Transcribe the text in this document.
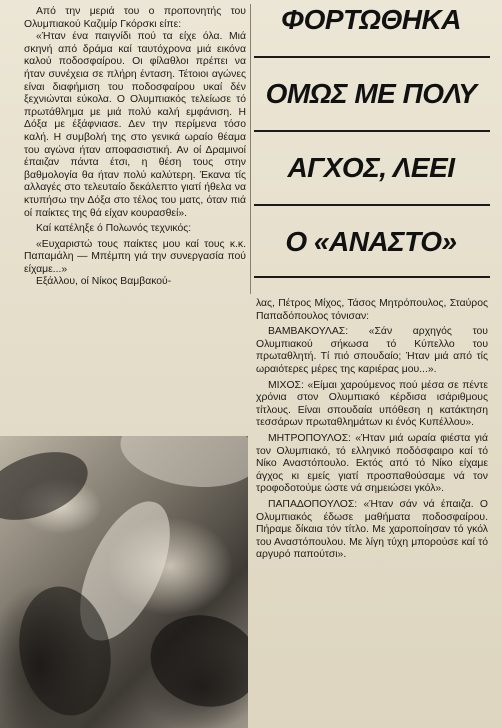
Από την μεριά του ο προπονητής του Ολυμπιακού Καζιμίρ Γκόρσκι είπε:

«Ήταν ένα παιγνίδι πού τα είχε όλα. Μιά σκηνή από δράμα καί ταυτόχρονα μιά εικόνα καλού ποδοσφαίρου. Οι φίλαθλοι πρέπει να ήταν συνέχεια σε πλήρη ένταση. Τέτοιοι αγώνες είναι διαφήμιση του ποδοσφαίρου υκαί δέν ξεχνιώνται εύκολα. Ο Ολυμπιακός τελείωσε τό πρωτάθλημα με μιά πολύ καλή εμφάνιση. Η Δόξα με έξάφνιασε. Δεν την περίμενα τόσο καλή. Η συμβολή της στο γενικά ωραίο θέαμα του αγώνα ήταν αποφασιστική. Αν οί Δραμινοί έπαιζαν πάντα έτσι, η θέση τους στην βαθμολογία θα ήταν πολύ καλύτερη. Έκανα τίς αλλαγές στο τελευταίο δεκάλεπτο γιατί ήθελα να κτυπήσω την Δόξα στο τέλος του ματς, όταν πιά οί παίκτες της θά είχαν κουρασθεί».

Καί κατέληξε ό Πολωνός τεχνικός:

«Ευχαριστώ τους παίκτες μου καί τους κ.κ. Παπαμάλη — Μπέμπη γιά την συνεργασία πού είχαμε...»

Εξάλλου, οί Νίκος Βαμβακού-

ΦΟΡΤΩΘΗΚΑ
ΟΜΩΣ ΜΕ ΠΟΛΥ
ΑΓΧΟΣ, ΛΕΕΙ
Ο «ΑΝΑΣΤΟ»

λας, Πέτρος Μίχος, Τάσος Μητρόπουλος, Σταύρος Παπαδόπουλος τόνισαν:

ΒΑΜΒΑΚΟΥΛΑΣ: «Σάν αρχηγός του Ολυμπιακού σήκωσα τό Κύπελλο του πρωταθλητή. Τί πιό σπουδαίο; Ήταν μιά από τίς ωραιότερες μέρες της καριέρας μου...».

ΜΙΧΟΣ: «Είμαι χαρούμενος πού μέσα σε πέντε χρόνια στον Ολυμπιακό κέρδισα ισάριθμους τίτλους. Είναι σπουδαία υπόθεση η κατάκτηση τεσσάρων πρωταθλημάτων κι ένός Κυπέλλου».

ΜΗΤΡΟΠΟΥΛΟΣ: «Ήταν μιά ωραία φιέστα γιά τον Ολυμπιακό, τό ελληνικό ποδόσφαιρο καί τό Νίκο Αναστόπουλο. Εκτός από τό Νίκο είχαμε άγχος κι εμείς γιατί προσπαθούσαμε νά τον τροφοδοτούμε ώστε νά σημειώσει γκόλ».

ΠΑΠΑΔΟΠΟΥΛΟΣ: «Ήταν σάν νά έπαιζα. Ο Ολυμπιακός έδωσε μαθήματα ποδοσφαίρου. Πήραμε δίκαια τόν τίτλο. Με χαροποίησαν τό γκόλ του Αναστόπουλου. Με λίγη τύχη μπορούσε καί τό αργυρό παπούτσι».
